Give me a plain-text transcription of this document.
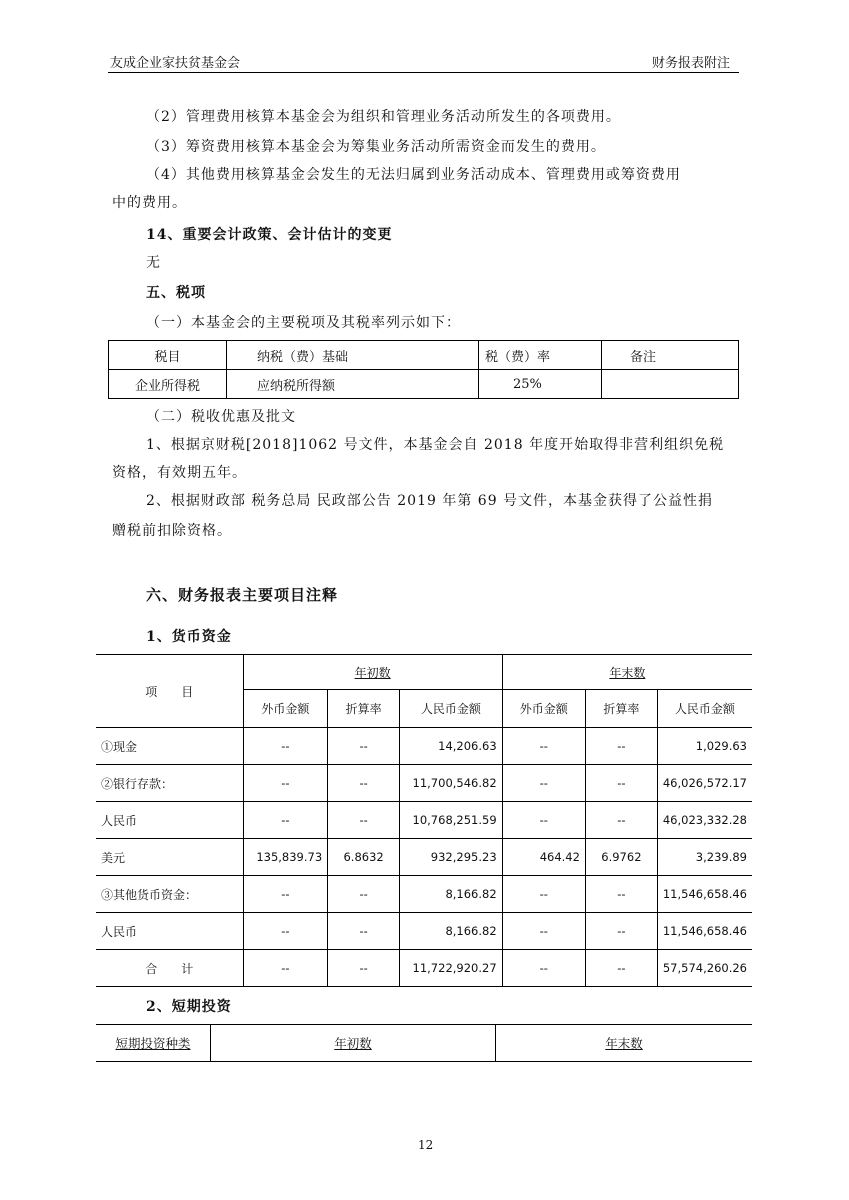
友成企业家扶贫基金会	财务报表附注
（2）管理费用核算本基金会为组织和管理业务活动所发生的各项费用。
（3）筹资费用核算本基金会为筹集业务活动所需资金而发生的费用。
（4）其他费用核算基金会发生的无法归属到业务活动成本、管理费用或筹资费用
中的费用。
14、重要会计政策、会计估计的变更
无
五、税项
（一）本基金会的主要税项及其税率列示如下：
税目	纳税（费）基础	税（费）率	备注
企业所得税	应纳税所得额	25%	
（二）税收优惠及批文
1、根据京财税[2018]1062 号文件，本基金会自 2018 年度开始取得非营利组织免税
资格，有效期五年。
2、根据财政部 税务总局 民政部公告 2019 年第 69 号文件，本基金获得了公益性捐
赠税前扣除资格。
六、财务报表主要项目注释
1、货币资金
项　　目	年初数			年末数		
	外币金额	折算率	人民币金额	外币金额	折算率	人民币金额
①现金	--	--	14,206.63	--	--	1,029.63
②银行存款：	--	--	11,700,546.82	--	--	46,026,572.17
人民币	--	--	10,768,251.59	--	--	46,023,332.28
美元	135,839.73	6.8632	932,295.23	464.42	6.9762	3,239.89
③其他货币资金：	--	--	8,166.82	--	--	11,546,658.46
人民币	--	--	8,166.82	--	--	11,546,658.46
合　　计	--	--	11,722,920.27	--	--	57,574,260.26
2、短期投资
短期投资种类	年初数	年末数
12
